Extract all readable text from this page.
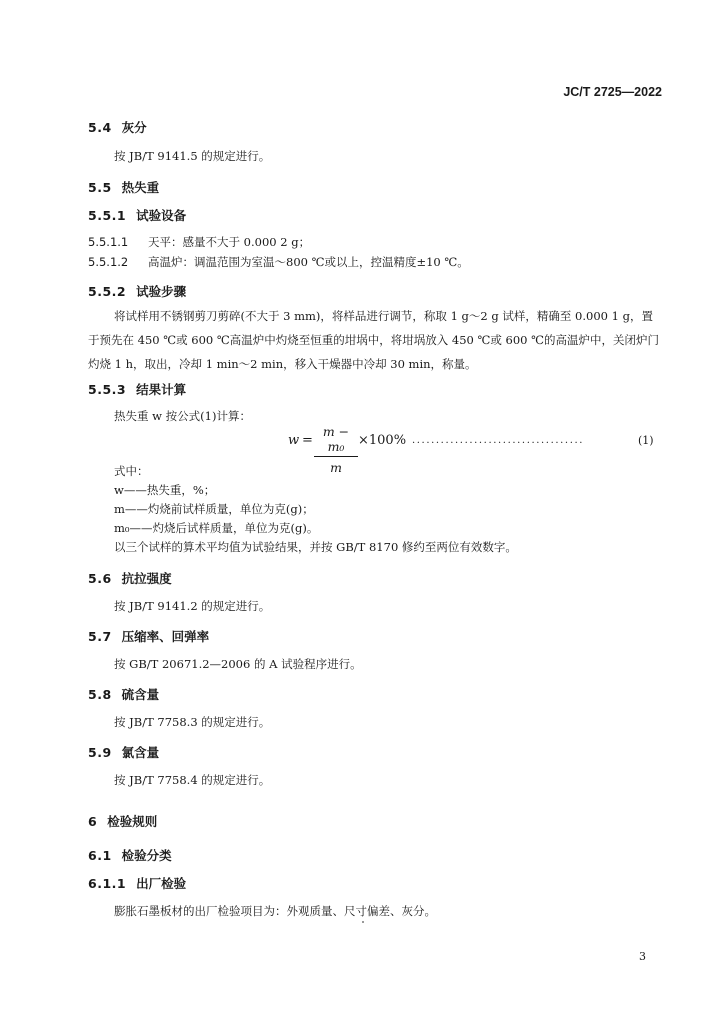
JC/T 2725—2022
5.4 灰分
按 JB/T 9141.5 的规定进行。
5.5 热失重
5.5.1 试验设备
5.5.1.1 天平：感量不大于 0.000 2 g；
5.5.1.2 高温炉：调温范围为室温～800 ℃或以上，控温精度±10 ℃。
5.5.2 试验步骤
将试样用不锈钢剪刀剪碎(不大于 3 mm)，将样品进行调节，称取 1 g～2 g 试样，精确至 0.000 1 g，置于预先在 450 ℃或 600 ℃高温炉中灼烧至恒重的坩埚中，将坩埚放入 450 ℃或 600 ℃的高温炉中，关闭炉门灼烧 1 h，取出，冷却 1 min～2 min，移入干燥器中冷却 30 min，称量。
5.5.3 结果计算
热失重 w 按公式(1)计算：
w =
m − m₀
m
×100% ....................................	(1)
式中：
w——热失重，%；
m——灼烧前试样质量，单位为克(g)；
m₀——灼烧后试样质量，单位为克(g)。
以三个试样的算术平均值为试验结果，并按 GB/T 8170 修约至两位有效数字。
5.6 抗拉强度
按 JB/T 9141.2 的规定进行。
5.7 压缩率、回弹率
按 GB/T 20671.2—2006 的 A 试验程序进行。
5.8 硫含量
按 JB/T 7758.3 的规定进行。
5.9 氯含量
按 JB/T 7758.4 的规定进行。
6 检验规则
6.1 检验分类
6.1.1 出厂检验
膨胀石墨板材的出厂检验项目为：外观质量、尺寸偏差、灰分。
3
